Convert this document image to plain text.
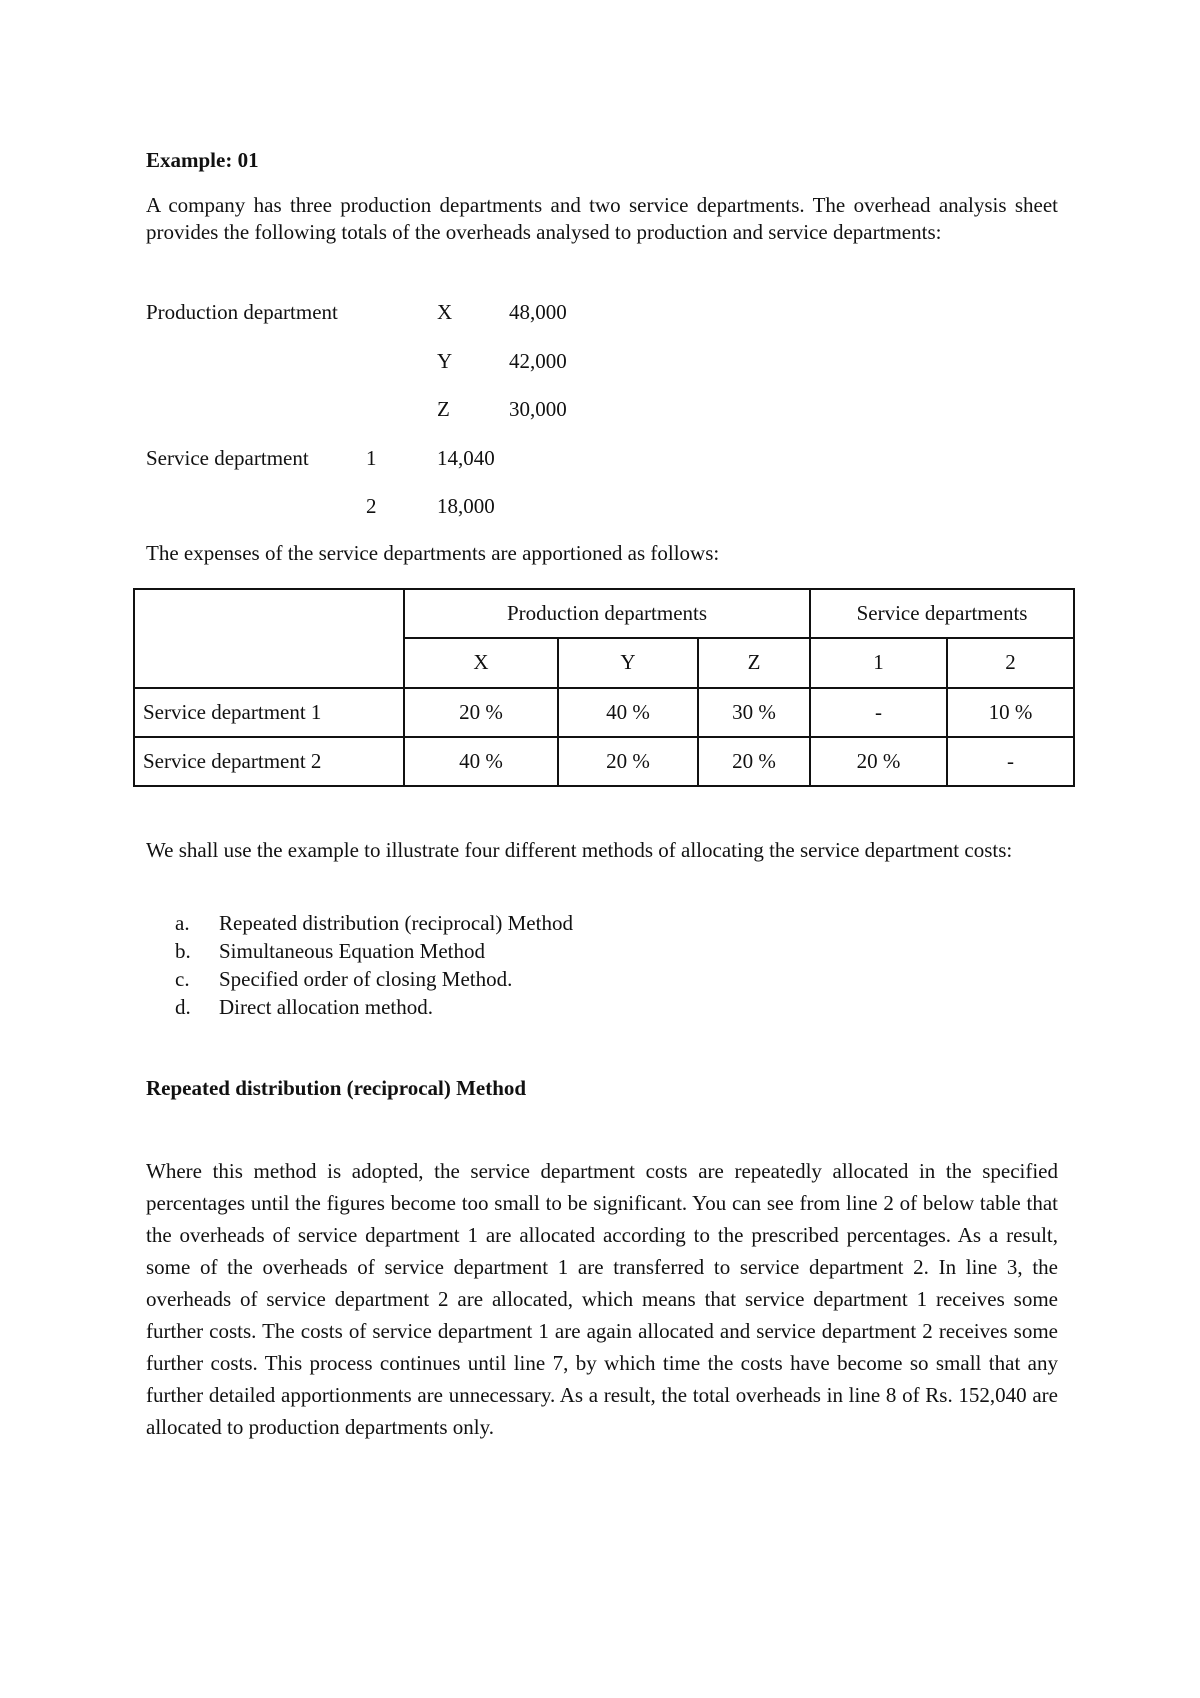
Example: 01

A company has three production departments and two service departments. The overhead analysis sheet provides the following totals of the overheads analysed to production and service departments:

Production department	X	48,000
Y	42,000
Z	30,000
Service department	1	14,040
2	18,000
The expenses of the service departments are apportioned as follows:
	Production departments			Service departments	
	X	Y	Z	1	2
Service department 1	20 %	40 %	30 %	-	10 %
Service department 2	40 %	20 %	20 %	20 %	-

We shall use the example to illustrate four different methods of allocating the service department costs:

a. Repeated distribution (reciprocal) Method
b. Simultaneous Equation Method
c. Specified order of closing Method.
d. Direct allocation method.
Repeated distribution (reciprocal) Method

Where this method is adopted, the service department costs are repeatedly allocated in the specified percentages until the figures become too small to be significant. You can see from line 2 of below table that the overheads of service department 1 are allocated according to the prescribed percentages. As a result, some of the overheads of service department 1 are transferred to service department 2. In line 3, the overheads of service department 2 are allocated, which means that service department 1 receives some further costs. The costs of service department 1 are again allocated and service department 2 receives some further costs. This process continues until line 7, by which time the costs have become so small that any further detailed apportionments are unnecessary. As a result, the total overheads in line 8 of Rs. 152,040 are allocated to production departments only.
